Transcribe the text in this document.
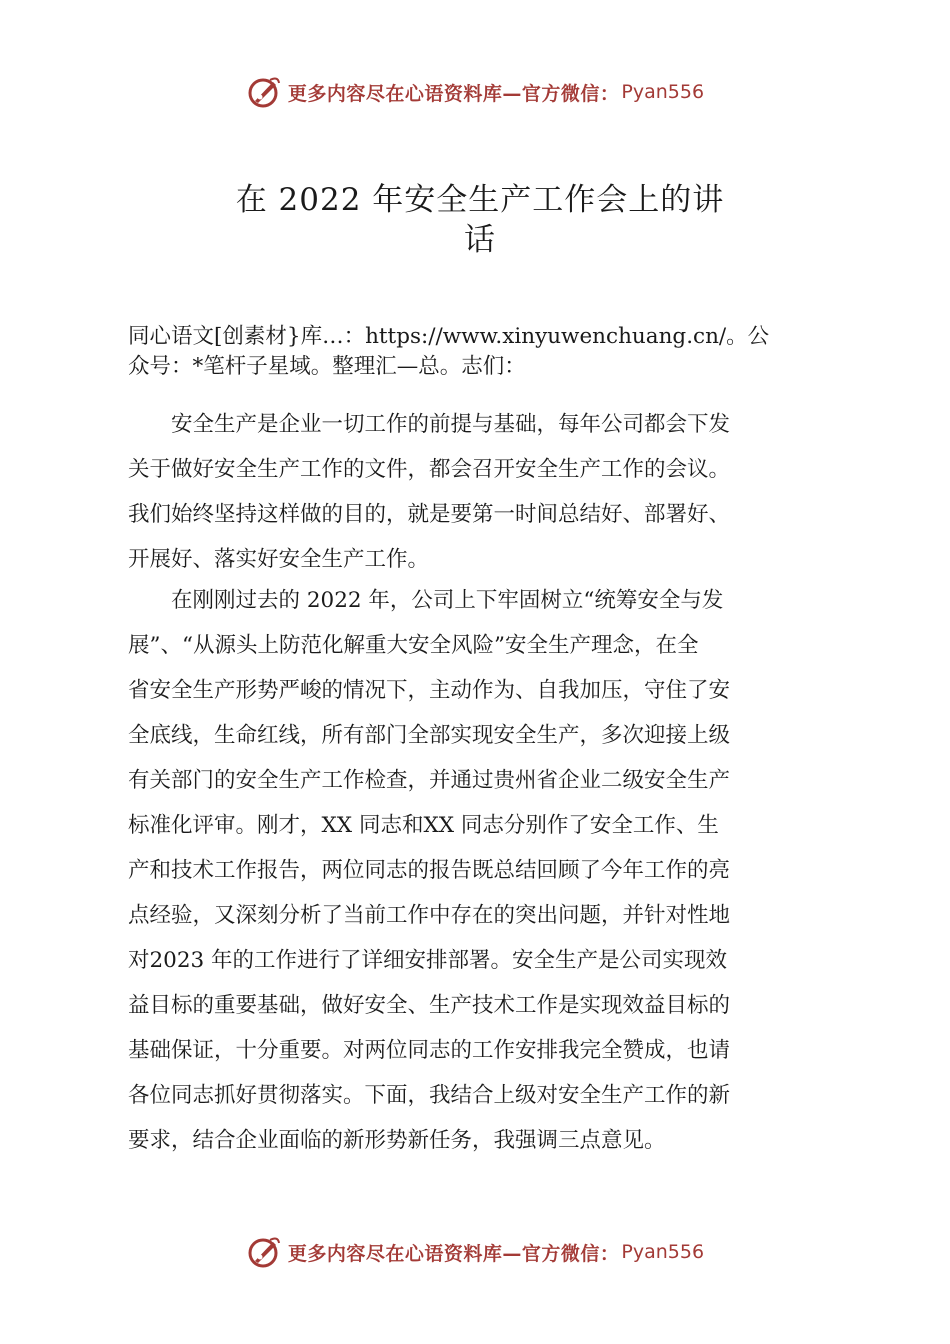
更多内容尽在心语资料库—官方微信： Pyan556
在 2022 年安全生产工作会上的讲
话
同心语文[创素材}库…：https://www.xinyuwenchuang.cn/。公
众号：*笔杆子星域。整理汇—总。志们：
　　安全生产是企业一切工作的前提与基础，每年公司都会下发
关于做好安全生产工作的文件，都会召开安全生产工作的会议。
我们始终坚持这样做的目的，就是要第一时间总结好、部署好、
开展好、落实好安全生产工作。
　　在刚刚过去的 2022 年，公司上下牢固树立“统筹安全与发
展”、“从源头上防范化解重大安全风险”安全生产理念，在全
省安全生产形势严峻的情况下，主动作为、自我加压，守住了安
全底线，生命红线，所有部门全部实现安全生产，多次迎接上级
有关部门的安全生产工作检查，并通过贵州省企业二级安全生产
标准化评审。刚才，XX 同志和XX 同志分别作了安全工作、生
产和技术工作报告，两位同志的报告既总结回顾了今年工作的亮
点经验，又深刻分析了当前工作中存在的突出问题，并针对性地
对2023 年的工作进行了详细安排部署。安全生产是公司实现效
益目标的重要基础，做好安全、生产技术工作是实现效益目标的
基础保证，十分重要。对两位同志的工作安排我完全赞成，也请
各位同志抓好贯彻落实。下面，我结合上级对安全生产工作的新
要求，结合企业面临的新形势新任务，我强调三点意见。
更多内容尽在心语资料库—官方微信： Pyan556
